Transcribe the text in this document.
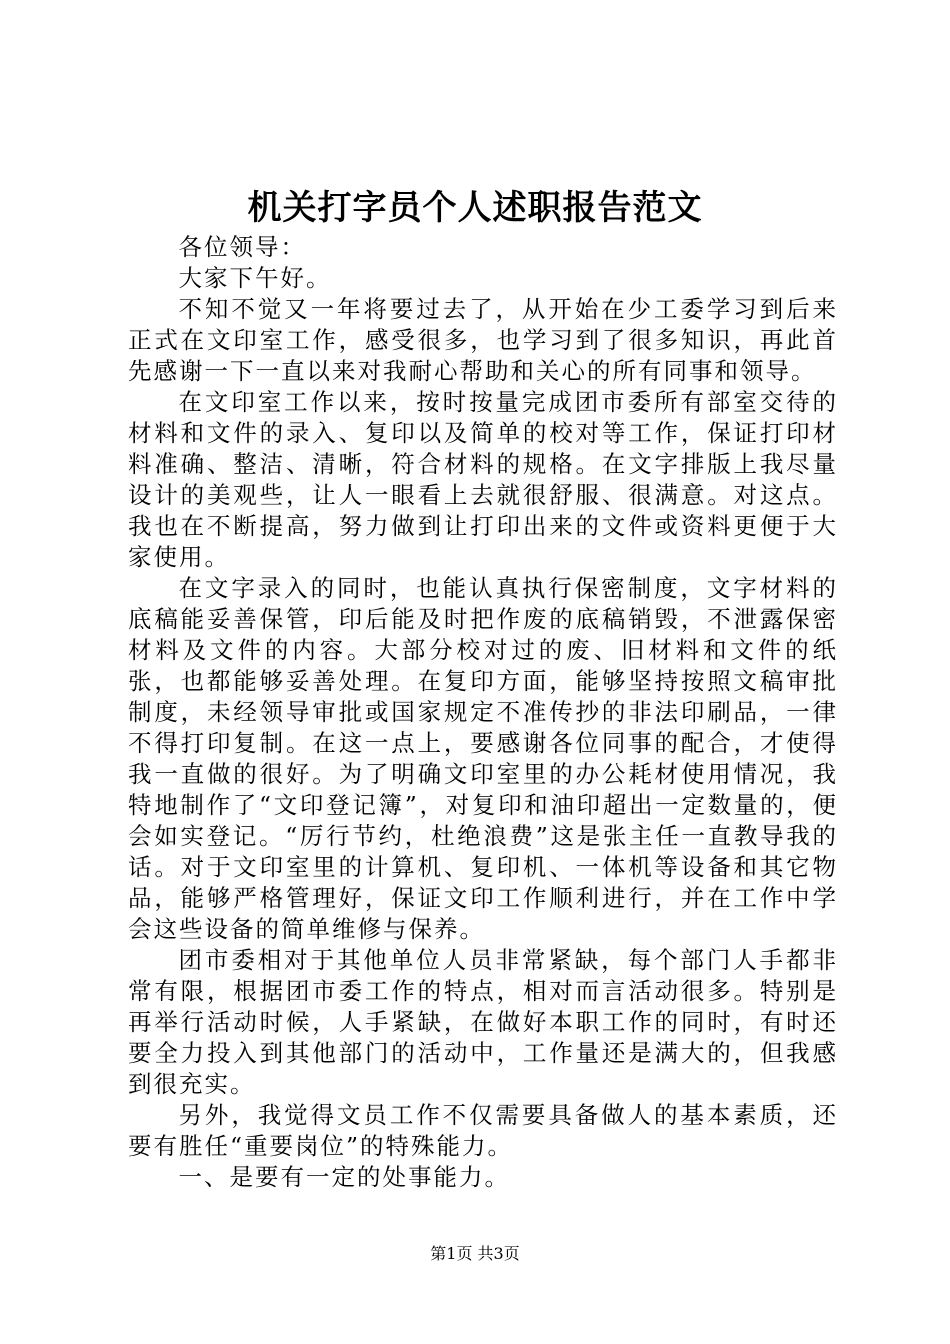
机关打字员个人述职报告范文

各位领导：

大家下午好。

不知不觉又一年将要过去了，从开始在少工委学习到后来正式在文印室工作，感受很多，也学习到了很多知识，再此首先感谢一下一直以来对我耐心帮助和关心的所有同事和领导。

在文印室工作以来，按时按量完成团市委所有部室交待的材料和文件的录入、复印以及简单的校对等工作，保证打印材料准确、整洁、清晰，符合材料的规格。在文字排版上我尽量设计的美观些，让人一眼看上去就很舒服、很满意。对这点。我也在不断提高，努力做到让打印出来的文件或资料更便于大家使用。

在文字录入的同时，也能认真执行保密制度，文字材料的底稿能妥善保管，印后能及时把作废的底稿销毁，不泄露保密材料及文件的内容。大部分校对过的废、旧材料和文件的纸张，也都能够妥善处理。在复印方面，能够坚持按照文稿审批制度，未经领导审批或国家规定不准传抄的非法印刷品，一律不得打印复制。在这一点上，要感谢各位同事的配合，才使得我一直做的很好。为了明确文印室里的办公耗材使用情况，我特地制作了“文印登记簿”，对复印和油印超出一定数量的，便会如实登记。“厉行节约，杜绝浪费”这是张主任一直教导我的话。对于文印室里的计算机、复印机、一体机等设备和其它物品，能够严格管理好，保证文印工作顺利进行，并在工作中学会这些设备的简单维修与保养。

团市委相对于其他单位人员非常紧缺，每个部门人手都非常有限，根据团市委工作的特点，相对而言活动很多。特别是再举行活动时候，人手紧缺，在做好本职工作的同时，有时还要全力投入到其他部门的活动中，工作量还是满大的，但我感到很充实。

另外，我觉得文员工作不仅需要具备做人的基本素质，还要有胜任“重要岗位”的特殊能力。

一、是要有一定的处事能力。

第1页 共3页
